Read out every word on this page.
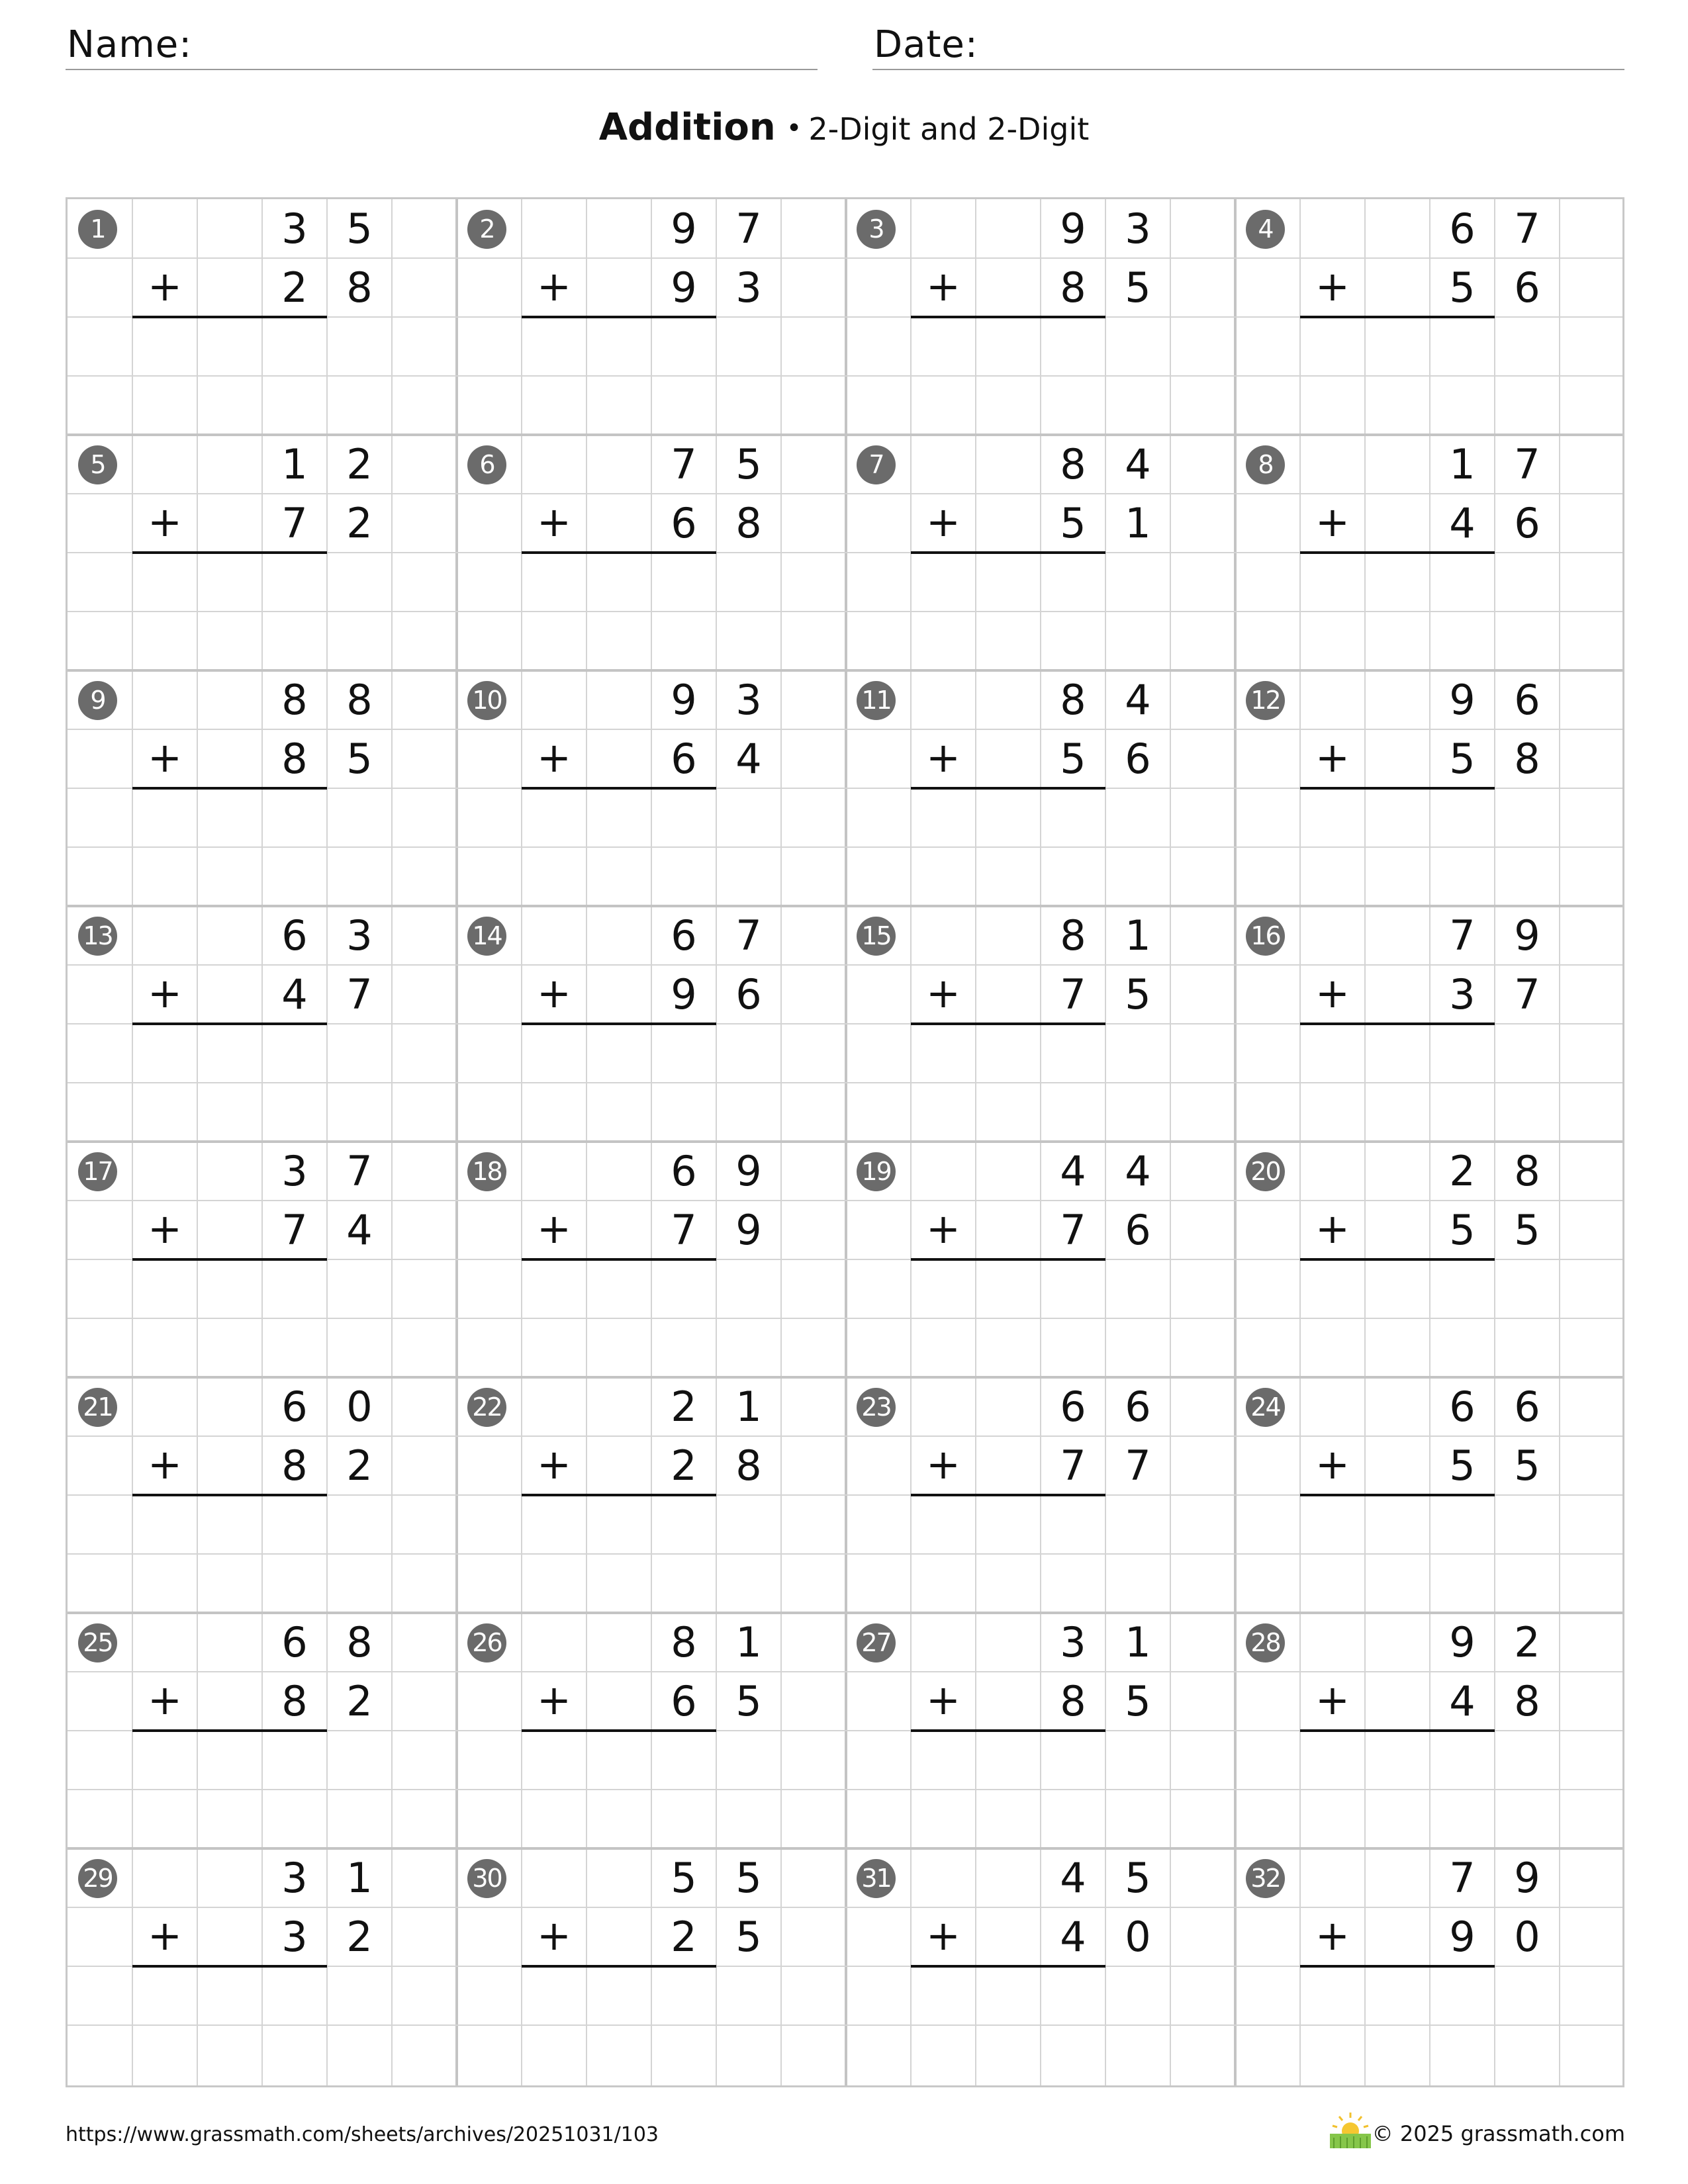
Name:	Date:
Addition • 2-Digit and 2-Digit
1	3 5
+	2 8
2	9 7
+	9 3
3	9 3
+	8 5
4	6 7
+	5 6
5	1 2
+	7 2
6	7 5
+	6 8
7	8 4
+	5 1
8	1 7
+	4 6
9	8 8
+	8 5
10	9 3
+	6 4
11	8 4
+	5 6
12	9 6
+	5 8
13	6 3
+	4 7
14	6 7
+	9 6
15	8 1
+	7 5
16	7 9
+	3 7
17	3 7
+	7 4
18	6 9
+	7 9
19	4 4
+	7 6
20	2 8
+	5 5
21	6 0
+	8 2
22	2 1
+	2 8
23	6 6
+	7 7
24	6 6
+	5 5
25	6 8
+	8 2
26	8 1
+	6 5
27	3 1
+	8 5
28	9 2
+	4 8
29	3 1
+	3 2
30	5 5
+	2 5
31	4 5
+	4 0
32	7 9
+	9 0
https://www.grassmath.com/sheets/archives/20251031/103	© 2025 grassmath.com
